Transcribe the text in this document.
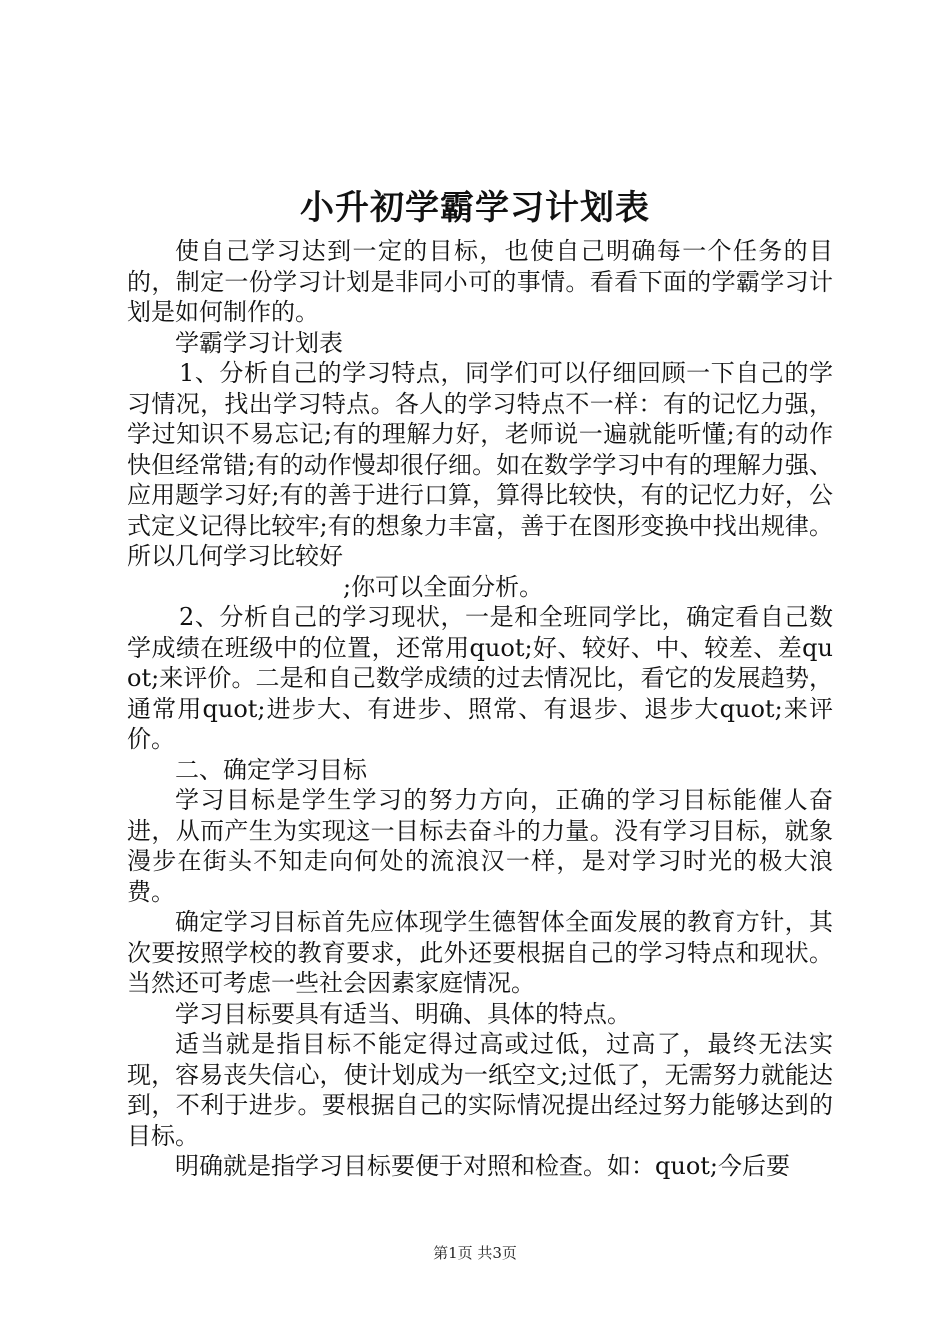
小升初学霸学习计划表

使自己学习达到一定的目标，也使自己明确每一个任务的目的，制定一份学习计划是非同小可的事情。看看下面的学霸学习计划是如何制作的。

学霸学习计划表

1、分析自己的学习特点，同学们可以仔细回顾一下自己的学习情况，找出学习特点。各人的学习特点不一样：有的记忆力强，学过知识不易忘记;有的理解力好，老师说一遍就能听懂;有的动作快但经常错;有的动作慢却很仔细。如在数学学习中有的理解力强、应用题学习好;有的善于进行口算，算得比较快，有的记忆力好，公式定义记得比较牢;有的想象力丰富，善于在图形变换中找出规律。所以几何学习比较好

;你可以全面分析。

2、分析自己的学习现状，一是和全班同学比，确定看自己数学成绩在班级中的位置，还常用quot;好、较好、中、较差、差quot;来评价。二是和自己数学成绩的过去情况比，看它的发展趋势，通常用quot;进步大、有进步、照常、有退步、退步大quot;来评价。

二、确定学习目标

学习目标是学生学习的努力方向，正确的学习目标能催人奋进，从而产生为实现这一目标去奋斗的力量。没有学习目标，就象漫步在街头不知走向何处的流浪汉一样，是对学习时光的极大浪费。

确定学习目标首先应体现学生德智体全面发展的教育方针，其次要按照学校的教育要求，此外还要根据自己的学习特点和现状。当然还可考虑一些社会因素家庭情况。

学习目标要具有适当、明确、具体的特点。

适当就是指目标不能定得过高或过低，过高了，最终无法实现，容易丧失信心，使计划成为一纸空文;过低了，无需努力就能达到，不利于进步。要根据自己的实际情况提出经过努力能够达到的目标。

明确就是指学习目标要便于对照和检查。如：quot;今后要

第1页 共3页
